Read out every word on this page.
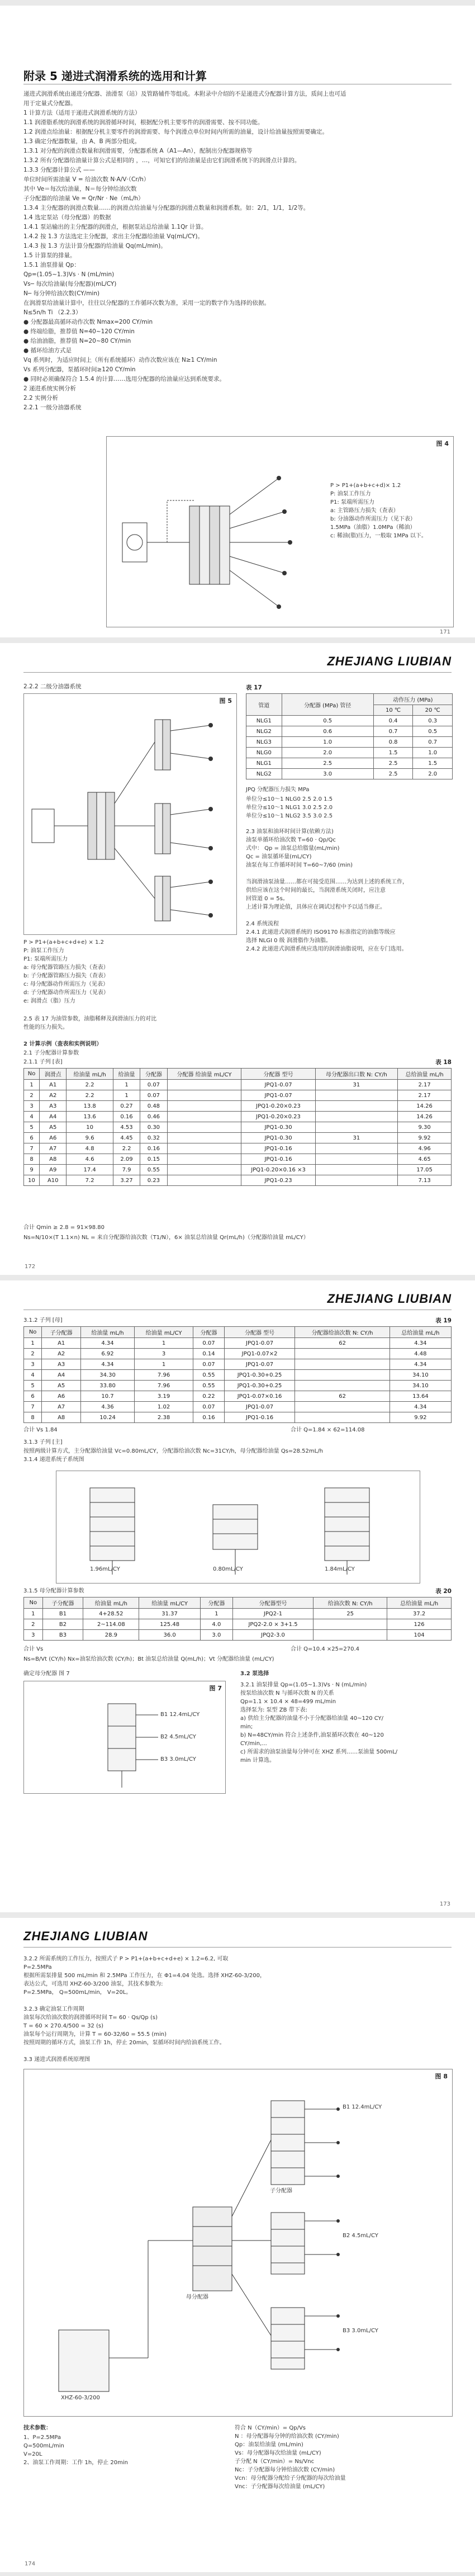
附录 5 递进式润滑系统的选用和计算
递进式润滑系统由递进分配器、油滑泵（站）及管路辅件等组成。本附录中介绍的不是递进式分配器计算方法，质间上也可适
用于定量式分配器。
1 计算方法（适用于递进式润滑系统的方法）
1.1 润滑脂系统的润滑系统的润滑循环时间，根据配分机主要零件的润滑需要、按不同功能。
1.2 润滑点给油量：根据配分机主要零件的润滑需要、每个润滑点单位时间内所需的油量，设计给油量按照需要确定。
1.3 确定分配器数量，由 A、B 两部分组成。
1.3.1 对分配的润滑点数量和润滑需要，分配器系统 A（A1—An），配制出分配器规格等
1.3.2 所有分配器给油量计算公式是相同的 ，…，可知它们的给油量是由它们润滑系统下的润滑点计算的。
1.3.3 分配器计算公式 ——
单位时间所需油量 V = 给油次数 N·A/V·（Cr/h）
其中 Ve＝每次给油量，N＝每分钟给油次数
子分配器的给油量 Ve = Qr/Nr · Ne（mL/h）
1.3.4 主分配器的润滑点数量……的润滑点给油量与分配器的润滑点数量和润滑系数。如：2/1，1/1，1/2等。
1.4 选定泵站（母分配器）的数据
1.4.1 泵站输出的主分配器的润滑点，根据泵站总给油量 1.1Qr 计算。
1.4.2 按 1.3 方法选定主分配器，求出主分配器给油量 Vq(mL/CY)。
1.4.3 按 1.3 方法计算分配器的给油量 Qq(mL/min)。
1.5 计算泵的排量。
1.5.1 油泵排量 Qp：
Qp=(1.05~1.3)Vs · N (mL/min)
Vs─ 每次给油量(每分配器)(mL/CY)
N─ 每分钟给油次数(CY/min)
在润滑泵给油量计算中，往往以分配器的工作循环次数为准，采用一定的数字作为选择的依据。
N≤5n/h Ti （2.2.3）
● 分配器最高循环动作次数 Nmax=200 CY/min
● 终端给脂，推荐值 N=40~120 CY/min
● 给油油脂，推荐值 N=20~80 CY/min
● 循环给油方式是
Vq 系列时，为适应时间上（所有系统循环）动作次数应该在 N≥1 CY/min
Vs 系列分配器，泵循环时间≥120 CY/min
● 同时必须确保符合 1.5.4 的计算……选用分配器的给油量应达到系统要求。
2 递进系统实例分析
2.2 实例分析
2.2.1 一级分油器系统
图 4
P > P1+(a+b+c+d)× 1.2
P: 油泵工作压力
P1: 泵端所需压力
a: 主管路压力损失（查表）
b: 分油器动作所需压力（见下表）
1.5MPa（油脂）1.0MPa（稀油）
c: 稀油(脂)压力，一般取 1MPa 以下。
171
ZHEJIANG LIUBIAN
2.2.2 二级分油器系统
图 5
P > P1+(a+b+c+d+e) × 1.2
P: 油泵工作压力
P1: 泵端所需压力
a: 母分配器管路压力损失（查表）
b: 子分配器管路压力损失（查表）
c: 母分配器动作所需压力（见表）
d: 子分配器动作所需压力（见表）
e: 润滑点（脂）压力
表 17
管道	分配器 (MPa) 管径	动作压力 (MPa)	
		10 ℃	20 ℃
NLG1	0.5	0.4	0.3
NLG2	0.6	0.7	0.5
NLG3	1.0	0.8	0.7
NLG0	2.0	1.5	1.0
NLG1	2.5	2.5	1.5
NLG2	3.0	2.5	2.0
JPQ 分配器压力损失 MPa
单位分≤10～1 NLG0 2.5 2.0 1.5
单位分≤10～1 NLG1 3.0 2.5 2.0
单位分≤10～1 NLG2 3.5 3.0 2.5
2.3 油泵和油环时间计算(依赖方法)
油泵单循环给油次数 T=60 · Qp/Qc
式中： Qp = 油泵总给脂量(mL/min)
Qc = 油泵循环量(mL/CY)
油泵在每工作循环时间 T=60~7/60 (min)

当润滑油泵油量……都在可接受范围……为达到上述的系统工作，
供给应该在这个时间的最长，当润滑系统关闭时，应注意
回管道 0 = 5s。
上述计算为理论值，具体应在调试过程中予以适当修正。

2.4 系统流程
2.4.1 此递进式润滑系统的 ISO9170 标准指定的油脂等级应
选择 NLGI 0 级 润滑脂作为油脂。
2.4.2 此递进式润滑系统应选用的润滑油脂说明，应在专门选用。
2.5 表 17 为油管参数，油脂稀释及润滑油压力的对比
性能的压力损失。
2 计算示例（查表和实例说明）
2.1 子分配器计算参数
2.1.1 子列 [表]	表 18
No	润滑点	给油量 mL/h	给油量	分配器	分配器 给油量 mL/CY	分配器 型号	母分配器出口数 N: CY/h	总给油量 mL/h
1	A1	2.2	1	0.07		JPQ1-0.07	31	2.17
2	A2	2.2	1	0.07		JPQ1-0.07		2.17
3	A3	13.8	0.27	0.48		JPQ1-0.20×0.23		14.26
4	A4	13.6	0.16	0.46		JPQ1-0.20×0.23		14.26
5	A5	10	4.53	0.30		JPQ1-0.30		9.30
6	A6	9.6	4.45	0.32		JPQ1-0.30	31	9.92
7	A7	4.8	2.2	0.16		JPQ1-0.16		4.96
8	A8	4.6	2.09	0.15		JPQ1-0.16		4.65
9	A9	17.4	7.9	0.55		JPQ1-0.20×0.16 ×3		17.05
10	A10	7.2	3.27	0.23		JPQ1-0.23		7.13
合计 Qmin ≥ 2.8 = 91×98.80
Ns=N/10×(T 1.1×n) NL = 来自分配器给油次数（T1/N），6× 油泵总给油量 Qr(mL/h)（分配器给油量 mL/CY）
172
ZHEJIANG LIUBIAN
3.1.2 子列 [母]	表 19
No	子分配器	给油量 mL/h	给油量 mL/CY	分配器	分配器 型号	分配器给油次数 N: CY/h	总给油量 mL/h
1	A1	4.34	1	0.07	JPQ1-0.07	62	4.34
2	A2	6.92	3	0.14	JPQ1-0.07×2		4.48
3	A3	4.34	1	0.07	JPQ1-0.07		4.34
4	A4	34.30	7.96	0.55	JPQ1-0.30+0.25		34.10
5	A5	33.80	7.96	0.55	JPQ1-0.30+0.25		34.10
6	A6	10.7	3.19	0.22	JPQ1-0.07×0.16	62	13.64
7	A7	4.36	1.02	0.07	JPQ1-0.07		4.34
8	A8	10.24	2.38	0.16	JPQ1-0.16		9.92
合计 Vs 1.84	合计 Q=1.84 × 62=114.08
3.1.3 子列 [主]
按照两级计算方式，主分配器给油量 Vc=0.80mL/CY，分配器给油次数 Nc=31CY/h，母分配器给油量 Qs=28.52mL/h
3.1.4 递进系统子系统图
1.96mL/CY	0.80mL/CY	1.84mL/CY
3.1.5 母分配器计算参数	表 20
No	子分配器	给油量 mL/h	给油量 mL/CY	分配器	分配器型号	给油次数 N: CY/h	总给油量 mL/h
1	B1	4+28.52	31.37	1	JPQ2-1	25	37.2
2	B2	2~114.08	125.48	4.0	JPQ2-2.0 × 3+1.5		126
3	B3	28.9	36.0	3.0	JPQ2-3.0		104
合计 Vs	合计 Q=10.4 ×25=270.4
Ns=B/Vt (CY/h) Nx=油泵给油次数 (CY/h)；Bt 油泵总给油量 Q(mL/h)；Vt 分配器给油量 (mL/CY)
确定母分配器 图 7
图 7
B1 12.4mL/CY
B2 4.5mL/CY
B3 3.0mL/CY
3.2 泵选择
3.2.1 油泵排量 Qp=(1.05~1.3)Vs · N (mL/min)
按泵给油次数 N 与循环次数 N 的关系
Qp=1.1 × 10.4 × 48=499 mL/min
选择泵为: 泵型 ZB 带下表:
a) 供给主分配器的油量不小于分配器给油量 40~120 CY/
min;
b) N=48CY/min 符合上述条件,油泵循环次数在 40~120
CY/min,...
c) 所需求的油泵油量每分钟可在 XHZ 系列……泵油量 500mL/
min 计算选。
173
ZHEJIANG LIUBIAN
3.2.2 所需系统的工作压力，按照式子 P > P1+(a+b+c+d+e) × 1.2=6.2, 可取
P=2.5MPa
根据所需泵排量 500 mL/min 和 2.5MPa 工作压力，在 Φ1=4.04 处选。选择 XHZ-60-3/200，
表达公式，可选用 XHZ-60-3/200 油泵，其技术参数为:
P=2.5MPa， Q=500mL/min， V=20L。

3.2.3 确定油泵工作周期
油泵每次给油次数的润滑循环时间 T= 60 · Qs/Qp (s)
T = 60 × 270.4/500 = 32 (s)
油泵每个运行周期为，计算 T = 60-32/60 = 55.5 (min)
按照周期的循环方式，油泵工作 1h，停止 20min，泵循环时间内给油系统工作。

3.3 递进式润滑系统原理图
图 8
XHZ-60-3/200
母分配器
B1 12.4mL/CY
B2 4.5mL/CY
B3 3.0mL/CY
子分配器
技术参数：
1、P=2.5MPa
Q=500mL/min
V=20L
2、油泵工作周期：工作 1h，停止 20min
符合 N（CY/min）= Qp/Vs
N ：母分配器每分钟的给油次数 (CY/min)
Qp：油泵给油量 (mL/min)
Vs：母分配器每次给油量 (mL/CY)
子分配 N（CY/min）= Ns/Vnc
Nc：子分配器每分钟给油次数 (CY/min)
Vcn：母分配器分配给子分配器的每次给油量
Vnc：子分配器每次给油量 (mL/CY)
174
